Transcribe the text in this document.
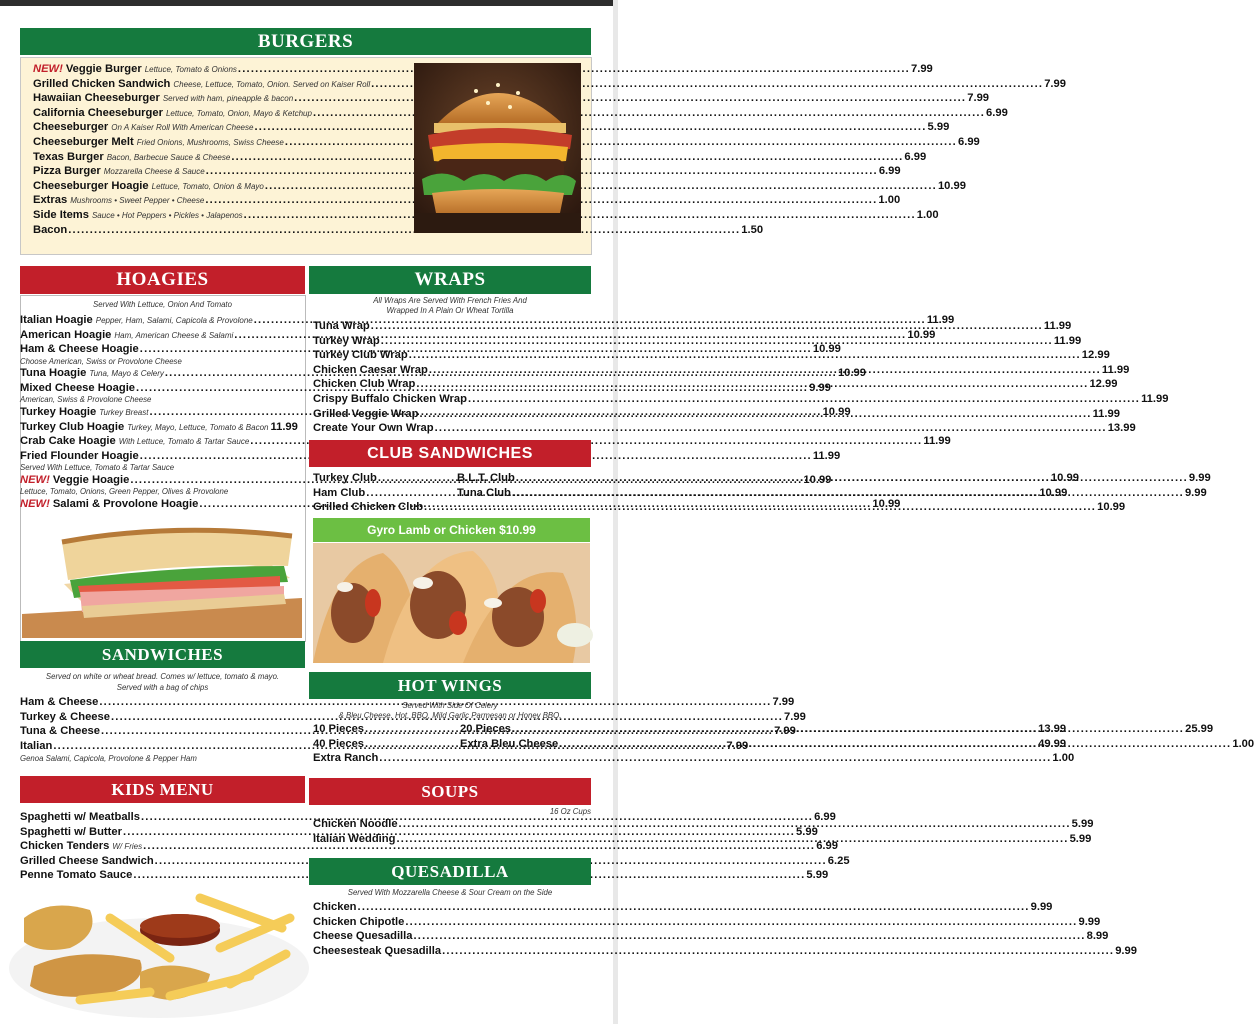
BURGERS
NEW! Veggie Burger Lettuce, Tomato & Onions .....	7.99
Grilled Chicken Sandwich Cheese, Lettuce, Tomato, Onion. Served on Kaiser Roll .....	7.99
Hawaiian Cheeseburger Served with ham, pineapple & bacon .....	7.99
California Cheeseburger Lettuce, Tomato, Onion, Mayo & Ketchup .....	6.99
Cheeseburger On A Kaiser Roll With American Cheese .....	5.99
Cheeseburger Melt Fried Onions, Mushrooms, Swiss Cheese .....	6.99
Texas Burger Bacon, Barbecue Sauce & Cheese .....	6.99
Pizza Burger Mozzarella Cheese & Sauce .....	6.99
Cheeseburger Hoagie Lettuce, Tomato, Onion & Mayo .....	10.99
Extras Mushrooms • Sweet Pepper • Cheese .....	1.00
Side Items Sauce • Hot Peppers • Pickles • Jalapenos .....	1.00
Bacon .....	1.50
HOAGIES
Served With Lettuce, Onion And Tomato
Italian Hoagie Pepper, Ham, Salami, Capicola & Provolone .....	11.99
American Hoagie Ham, American Cheese & Salami .....	10.99
Ham & Cheese Hoagie .....	10.99
Choose American, Swiss or Provolone Cheese
Tuna Hoagie Tuna, Mayo & Celery .....	10.99
Mixed Cheese Hoagie .....	9.99
American, Swiss & Provolone Cheese
Turkey Hoagie Turkey Breast .....	10.99
Turkey Club Hoagie Turkey, Mayo, Lettuce, Tomato & Bacon 11.99
Crab Cake Hoagie With Lettuce, Tomato & Tartar Sauce .....	11.99
Fried Flounder Hoagie .....	11.99
Served With Lettuce, Tomato & Tartar Sauce
NEW! Veggie Hoagie .....	10.99
Lettuce, Tomato, Onions, Green Pepper, Olives & Provolone
NEW! Salami & Provolone Hoagie .....	10.99
SANDWICHES
Served on white or wheat bread. Comes w/ lettuce, tomato & mayo.
Served with a bag of chips
Ham & Cheese .....	7.99
Turkey & Cheese .....	7.99
Tuna & Cheese .....	7.99
Italian .....	7.99
Genoa Salami, Capicola, Provolone & Pepper Ham
KIDS MENU
Spaghetti w/ Meatballs .....	6.99
Spaghetti w/ Butter .....	5.99
Chicken Tenders W/ Fries .....	6.99
Grilled Cheese Sandwich .....	6.25
Penne Tomato Sauce .....	5.99
WRAPS
All Wraps Are Served With French Fries And
Wrapped In A Plain Or Wheat Tortilla
Tuna Wrap .....	11.99
Turkey Wrap .....	11.99
Turkey Club Wrap .....	12.99
Chicken Caesar Wrap .....	11.99
Chicken Club Wrap .....	12.99
Crispy Buffalo Chicken Wrap .....	11.99
Grilled Veggie Wrap .....	11.99
Create Your Own Wrap .....	13.99
CLUB SANDWICHES
Turkey Club .....	10.99
Ham Club .....	10.99
B.L.T. Club .....	9.99
Tuna Club .....	9.99
Grilled Chicken Club .....	10.99
Gyro Lamb or Chicken $10.99
HOT WINGS
Served With Side Of Celery
& Bleu Cheese. Hot, BBQ, Mild Garlic Parmesan or Honey BBQ.
10 Pieces .....	13.99
40 Pieces .....	49.99
20 Pieces .....	25.99
Extra Bleu Cheese .....	1.00
Extra Ranch .....	1.00
SOUPS
16 Oz Cups
Chicken Noodle .....	5.99
Italian Wedding .....	5.99
QUESADILLA
Served With Mozzarella Cheese & Sour Cream on the Side
Chicken .....	9.99
Chicken Chipotle .....	9.99
Cheese Quesadilla .....	8.99
Cheesesteak Quesadilla .....	9.99
